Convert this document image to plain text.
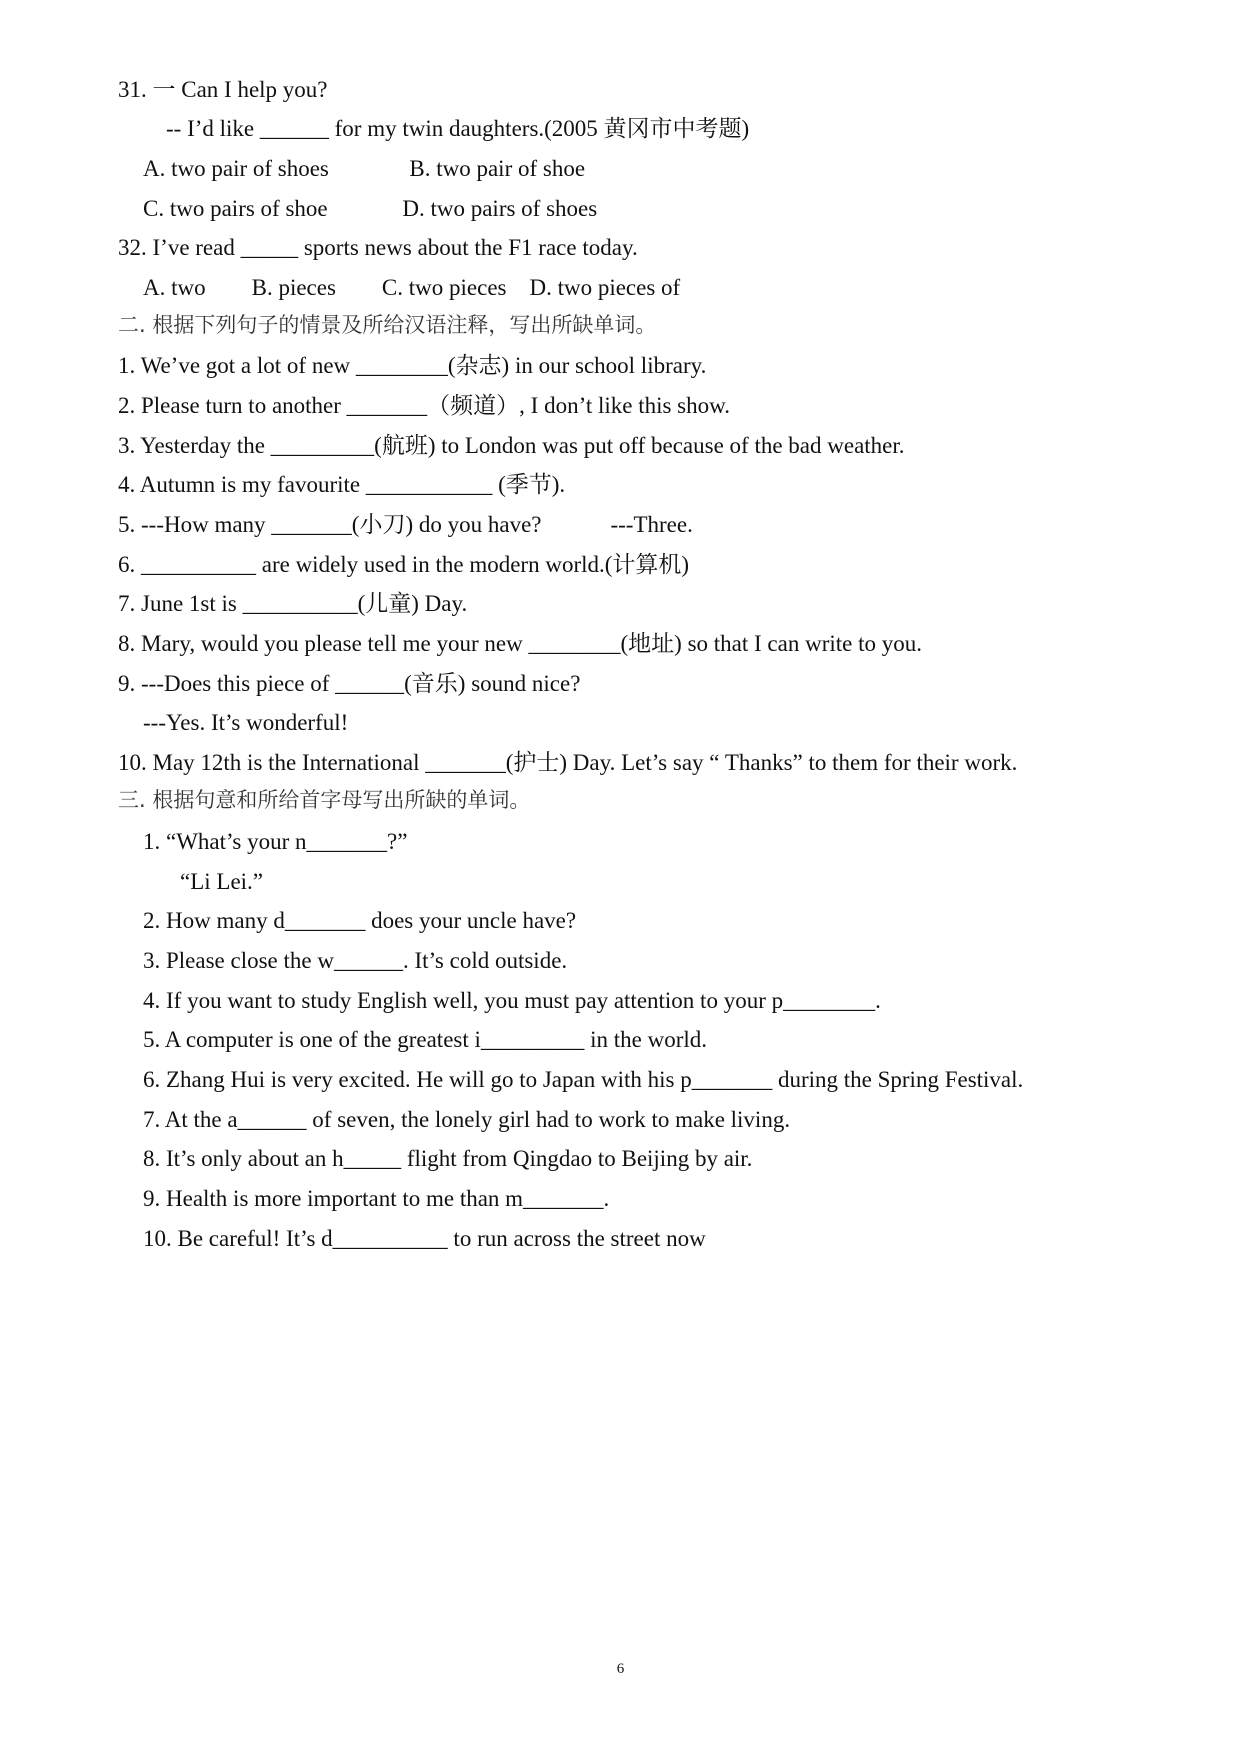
31. 一 Can I help you?
-- I’d like ______ for my twin daughters.(2005 黄冈市中考题)
A. two pair of shoes              B. two pair of shoe
C. two pairs of shoe             D. two pairs of shoes
32. I’ve read _____ sports news about the F1 race today.
A. two        B. pieces        C. two pieces    D. two pieces of
二. 根据下列句子的情景及所给汉语注释，写出所缺单词。
1. We’ve got a lot of new ________(杂志) in our school library.
2. Please turn to another _______（频道）, I don’t like this show.
3. Yesterday the _________(航班) to London was put off because of the bad weather.
4. Autumn is my favourite ___________ (季节).
5. ---How many _______(小刀) do you have?            ---Three.
6. __________ are widely used in the modern world.(计算机)
7. June 1st is __________(儿童) Day.
8. Mary, would you please tell me your new ________(地址) so that I can write to you.
9. ---Does this piece of ______(音乐) sound nice?
---Yes. It’s wonderful!
10. May 12th is the International _______(护士) Day. Let’s say “ Thanks” to them for their work.
三. 根据句意和所给首字母写出所缺的单词。
1. “What’s your n_______?”
“Li Lei.”
2. How many d_______ does your uncle have?
3. Please close the w______. It’s cold outside.
4. If you want to study English well, you must pay attention to your p________.
5. A computer is one of the greatest i_________ in the world.
6. Zhang Hui is very excited. He will go to Japan with his p_______ during the Spring Festival.
7. At the a______ of seven, the lonely girl had to work to make living.
8. It’s only about an h_____ flight from Qingdao to Beijing by air.
9. Health is more important to me than m_______.
10. Be careful! It’s d__________ to run across the street now
6
